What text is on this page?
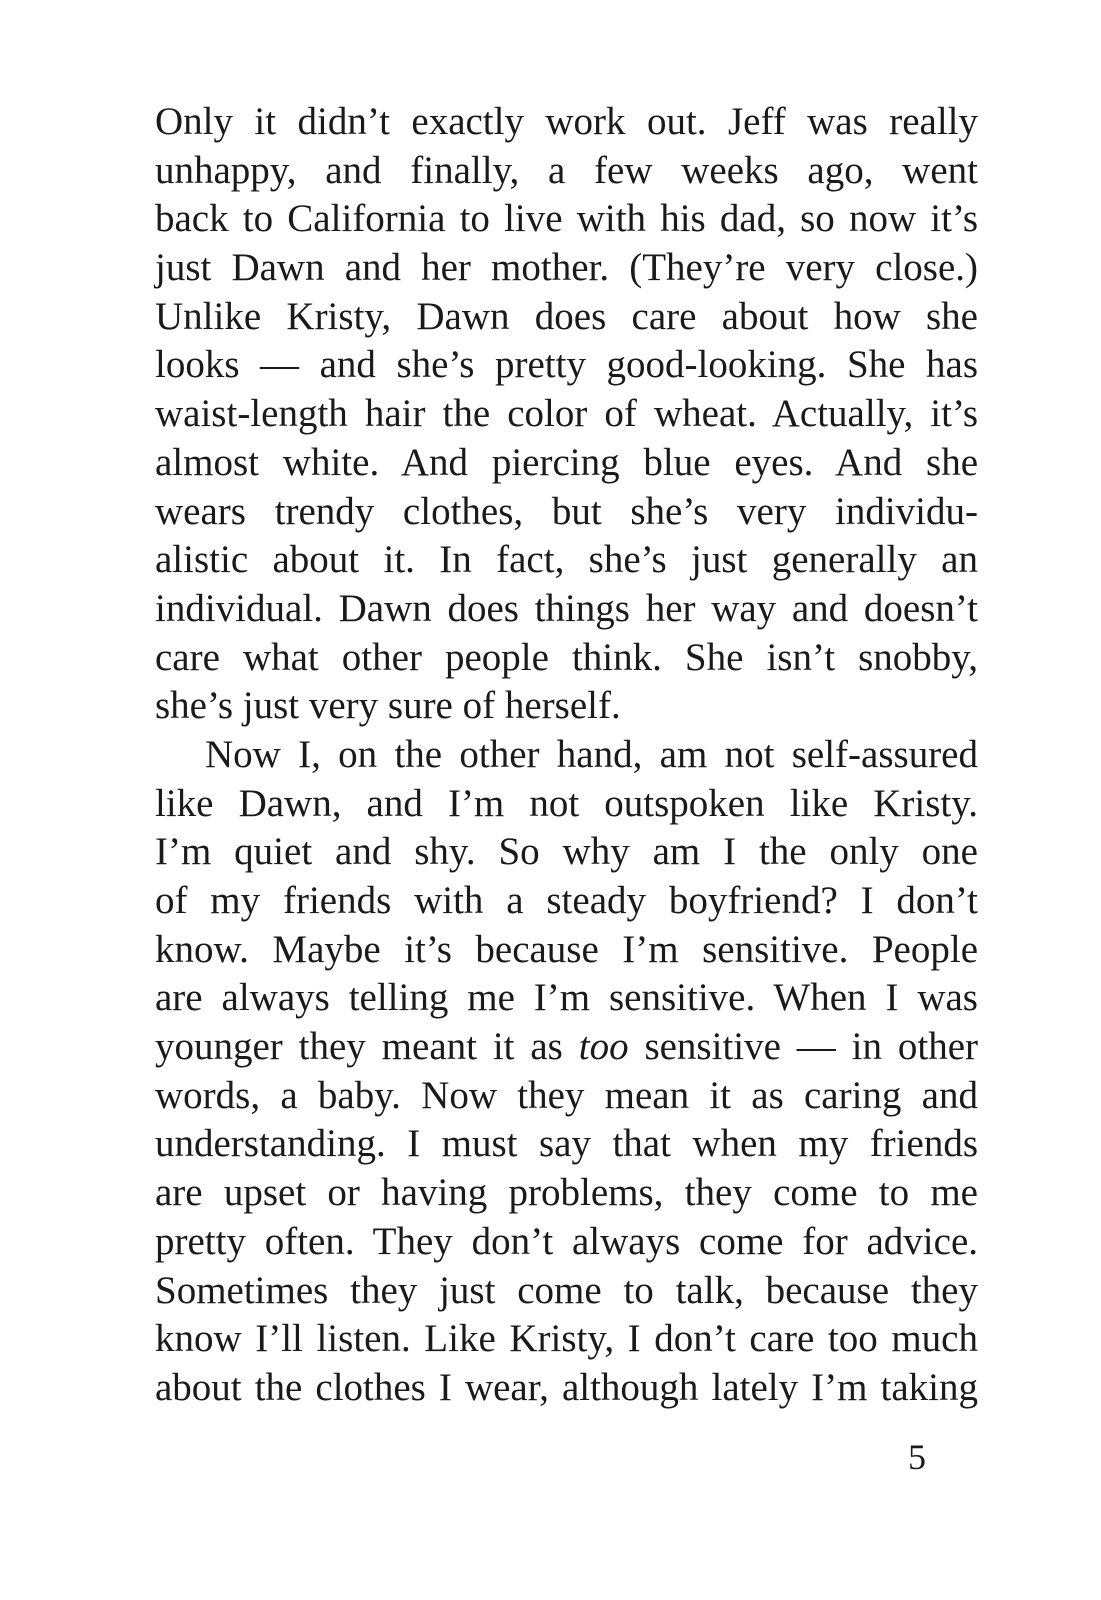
Only it didn’t exactly work out. Jeff was really
unhappy, and finally, a few weeks ago, went
back to California to live with his dad, so now it’s
just Dawn and her mother. (They’re very close.)
Unlike Kristy, Dawn does care about how she
looks — and she’s pretty good-looking. She has
waist-length hair the color of wheat. Actually, it’s
almost white. And piercing blue eyes. And she
wears trendy clothes, but she’s very individu-
alistic about it. In fact, she’s just generally an
individual. Dawn does things her way and doesn’t
care what other people think. She isn’t snobby,
she’s just very sure of herself.
Now I, on the other hand, am not self-assured
like Dawn, and I’m not outspoken like Kristy.
I’m quiet and shy. So why am I the only one
of my friends with a steady boyfriend? I don’t
know. Maybe it’s because I’m sensitive. People
are always telling me I’m sensitive. When I was
younger they meant it as too sensitive — in other
words, a baby. Now they mean it as caring and
understanding. I must say that when my friends
are upset or having problems, they come to me
pretty often. They don’t always come for advice.
Sometimes they just come to talk, because they
know I’ll listen. Like Kristy, I don’t care too much
about the clothes I wear, although lately I’m taking
5
